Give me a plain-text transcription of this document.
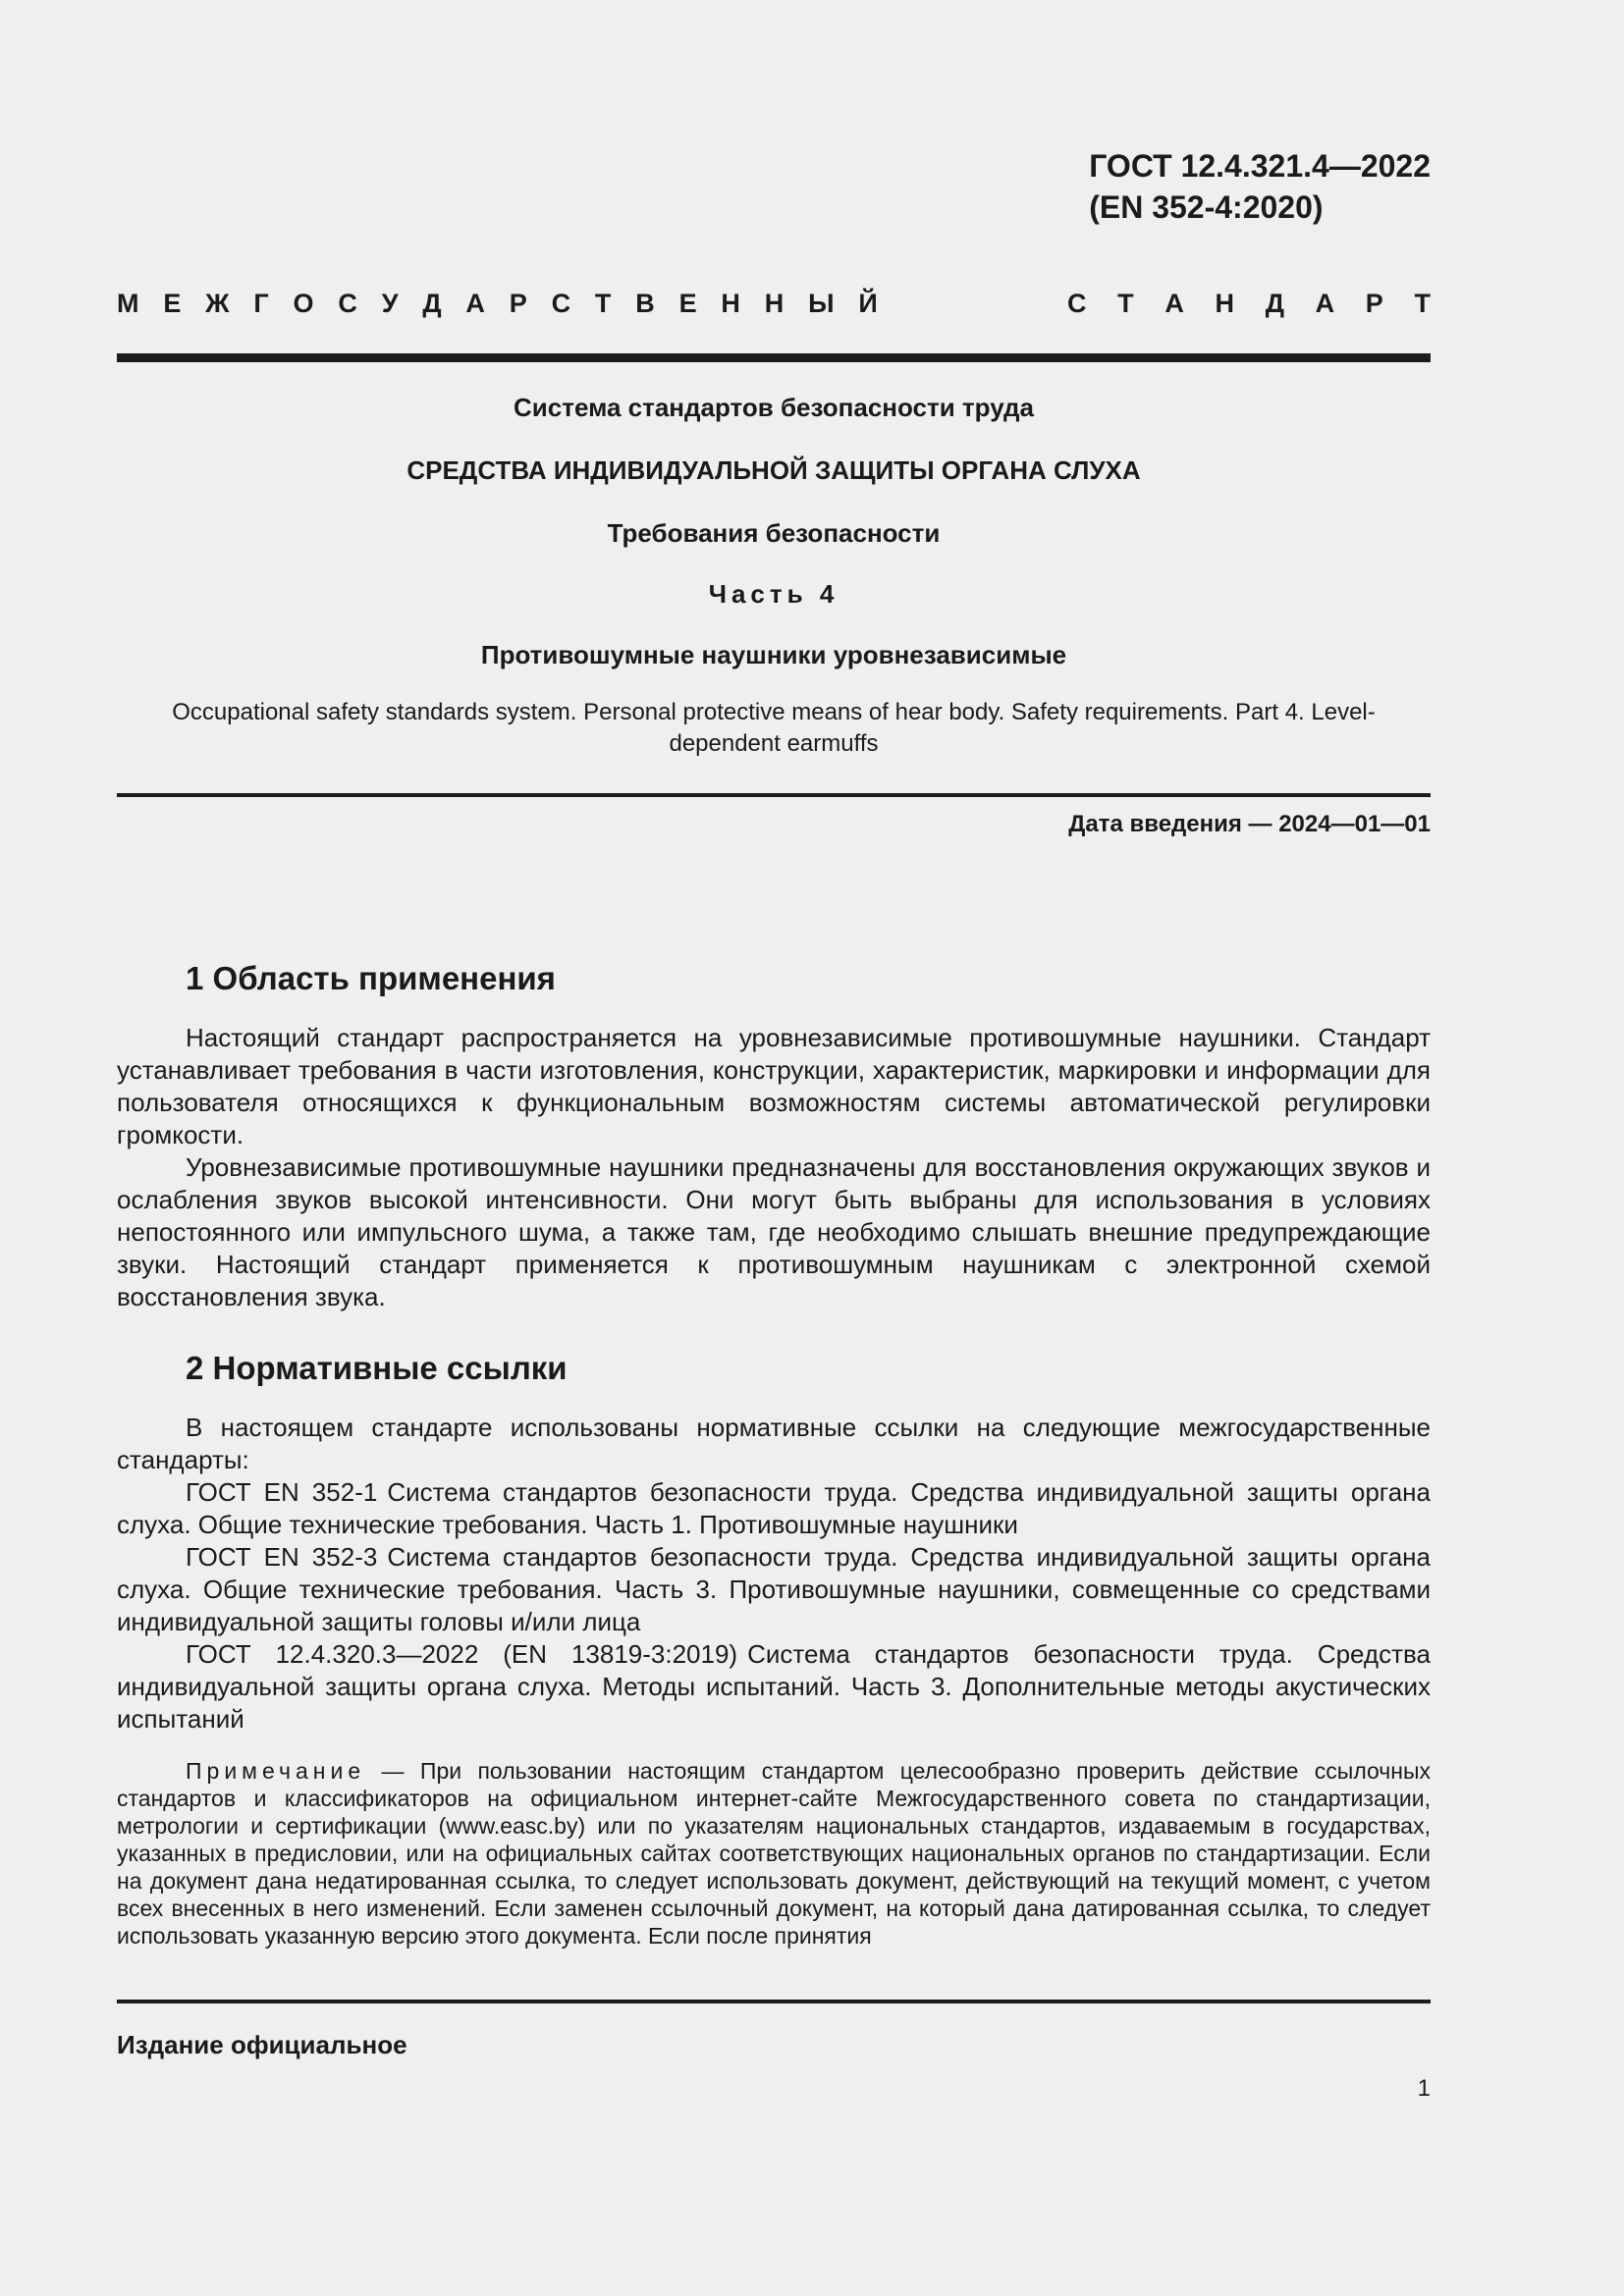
ГОСТ 12.4.321.4—2022
(EN 352-4:2020)
М Е Ж Г О С У Д А Р С Т В Е Н Н Ы Й	С Т А Н Д А Р Т
Система стандартов безопасности труда
СРЕДСТВА ИНДИВИДУАЛЬНОЙ ЗАЩИТЫ ОРГАНА СЛУХА
Требования безопасности
Часть 4
Противошумные наушники уровнезависимые
Occupational safety standards system. Personal protective means of hear body. Safety requirements. Part 4. Level-dependent earmuffs
Дата введения — 2024—01—01
1 Область применения

Настоящий стандарт распространяется на уровнезависимые противошумные наушники. Стандарт устанавливает требования в части изготовления, конструкции, характеристик, маркировки и информации для пользователя относящихся к функциональным возможностям системы автоматической регулировки громкости.

Уровнезависимые противошумные наушники предназначены для восстановления окружающих звуков и ослабления звуков высокой интенсивности. Они могут быть выбраны для использования в условиях непостоянного или импульсного шума, а также там, где необходимо слышать внешние предупреждающие звуки. Настоящий стандарт применяется к противошумным наушникам с электронной схемой восстановления звука.

2 Нормативные ссылки

В настоящем стандарте использованы нормативные ссылки на следующие межгосударственные стандарты:

ГОСТ EN 352-1 Система стандартов безопасности труда. Средства индивидуальной защиты органа слуха. Общие технические требования. Часть 1. Противошумные наушники

ГОСТ EN 352-3 Система стандартов безопасности труда. Средства индивидуальной защиты органа слуха. Общие технические требования. Часть 3. Противошумные наушники, совмещенные со средствами индивидуальной защиты головы и/или лица

ГОСТ 12.4.320.3—2022 (EN 13819-3:2019) Система стандартов безопасности труда. Средства индивидуальной защиты органа слуха. Методы испытаний. Часть 3. Дополнительные методы акустических испытаний

Примечание — При пользовании настоящим стандартом целесообразно проверить действие ссылочных стандартов и классификаторов на официальном интернет-сайте Межгосударственного совета по стандартизации, метрологии и сертификации (www.easc.by) или по указателям национальных стандартов, издаваемым в государствах, указанных в предисловии, или на официальных сайтах соответствующих национальных органов по стандартизации. Если на документ дана недатированная ссылка, то следует использовать документ, действующий на текущий момент, с учетом всех внесенных в него изменений. Если заменен ссылочный документ, на который дана датированная ссылка, то следует использовать указанную версию этого документа. Если после принятия

Издание официальное
1
